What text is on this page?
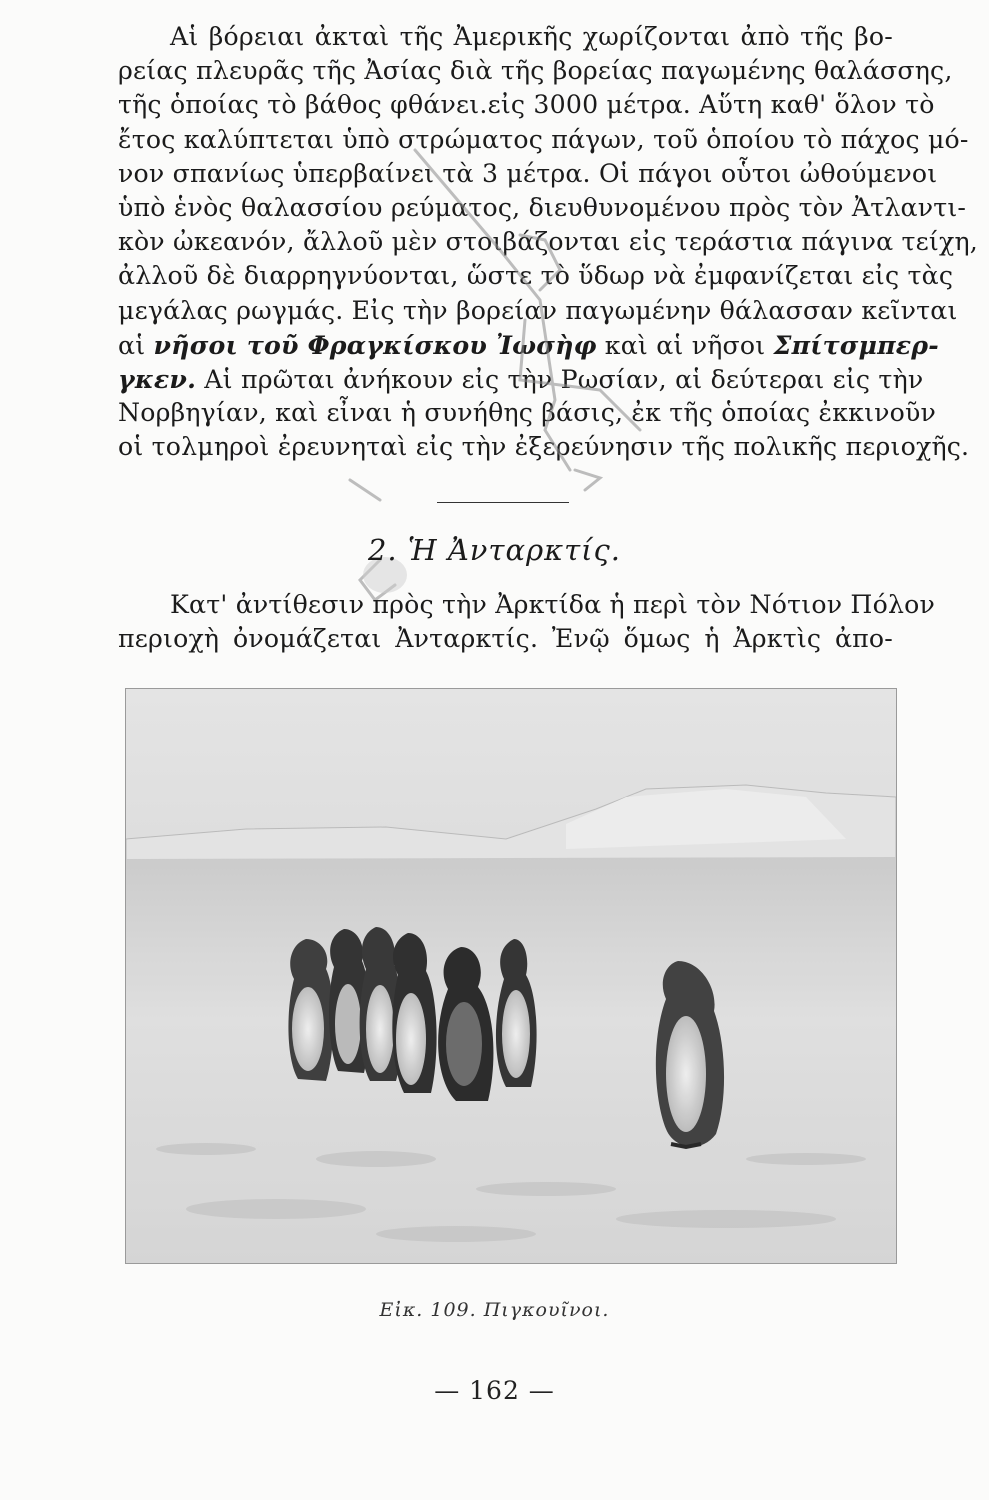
Αἱ βόρειαι ἀκταὶ τῆς Ἀμερικῆς χωρίζονται ἀπὸ τῆς βο-
ρείας πλευρᾶς τῆς Ἀσίας διὰ τῆς βορείας παγωμένης θαλάσσης,
τῆς ὁποίας τὸ βάθος φθάνει.εἰς 3000 μέτρα. Αὕτη καθ' ὅλον τὸ
ἔτος καλύπτεται ὑπὸ στρώματος πάγων, τοῦ ὁποίου τὸ πάχος μό-
νον σπανίως ὑπερβαίνει τὰ 3 μέτρα. Οἱ πάγοι οὗτοι ὠθούμενοι
ὑπὸ ἑνὸς θαλασσίου ρεύματος, διευθυνομένου πρὸς τὸν Ἀτλαντι-
κὸν ὠκεανόν, ἄλλοῦ μὲν στοιβάζονται εἰς τεράστια πάγινα τείχη,
ἀλλοῦ δὲ διαρρηγνύονται, ὥστε τὸ ὕδωρ νὰ ἐμφανίζεται εἰς τὰς
μεγάλας ρωγμάς. Εἰς τὴν βορείαν παγωμένην θάλασσαν κεῖνται
αἱ νῆσοι τοῦ Φραγκίσκου Ἰωσὴφ καὶ αἱ νῆσοι Σπίτσμπερ-
γκεν. Αἱ πρῶται ἀνήκουν εἰς τὴν Ρωσίαν, αἱ δεύτεραι εἰς τὴν
Νορβηγίαν, καὶ εἶναι ἡ συνήθης βάσις, ἐκ τῆς ὁποίας ἐκκινοῦν
οἱ τολμηροὶ ἐρευνηταὶ εἰς τὴν ἐξερεύνησιν τῆς πολικῆς περιοχῆς.
2. Ἡ Ἀνταρκτίς.
Κατ' ἀντίθεσιν πρὸς τὴν Ἀρκτίδα ἡ περὶ τὸν Νότιον Πόλον
περιοχὴ ὀνομάζεται Ἀνταρκτίς. Ἐνῷ ὅμως ἡ Ἀρκτὶς ἀπο-
Εἰκ. 109. Πιγκουῖνοι.
— 162 —
